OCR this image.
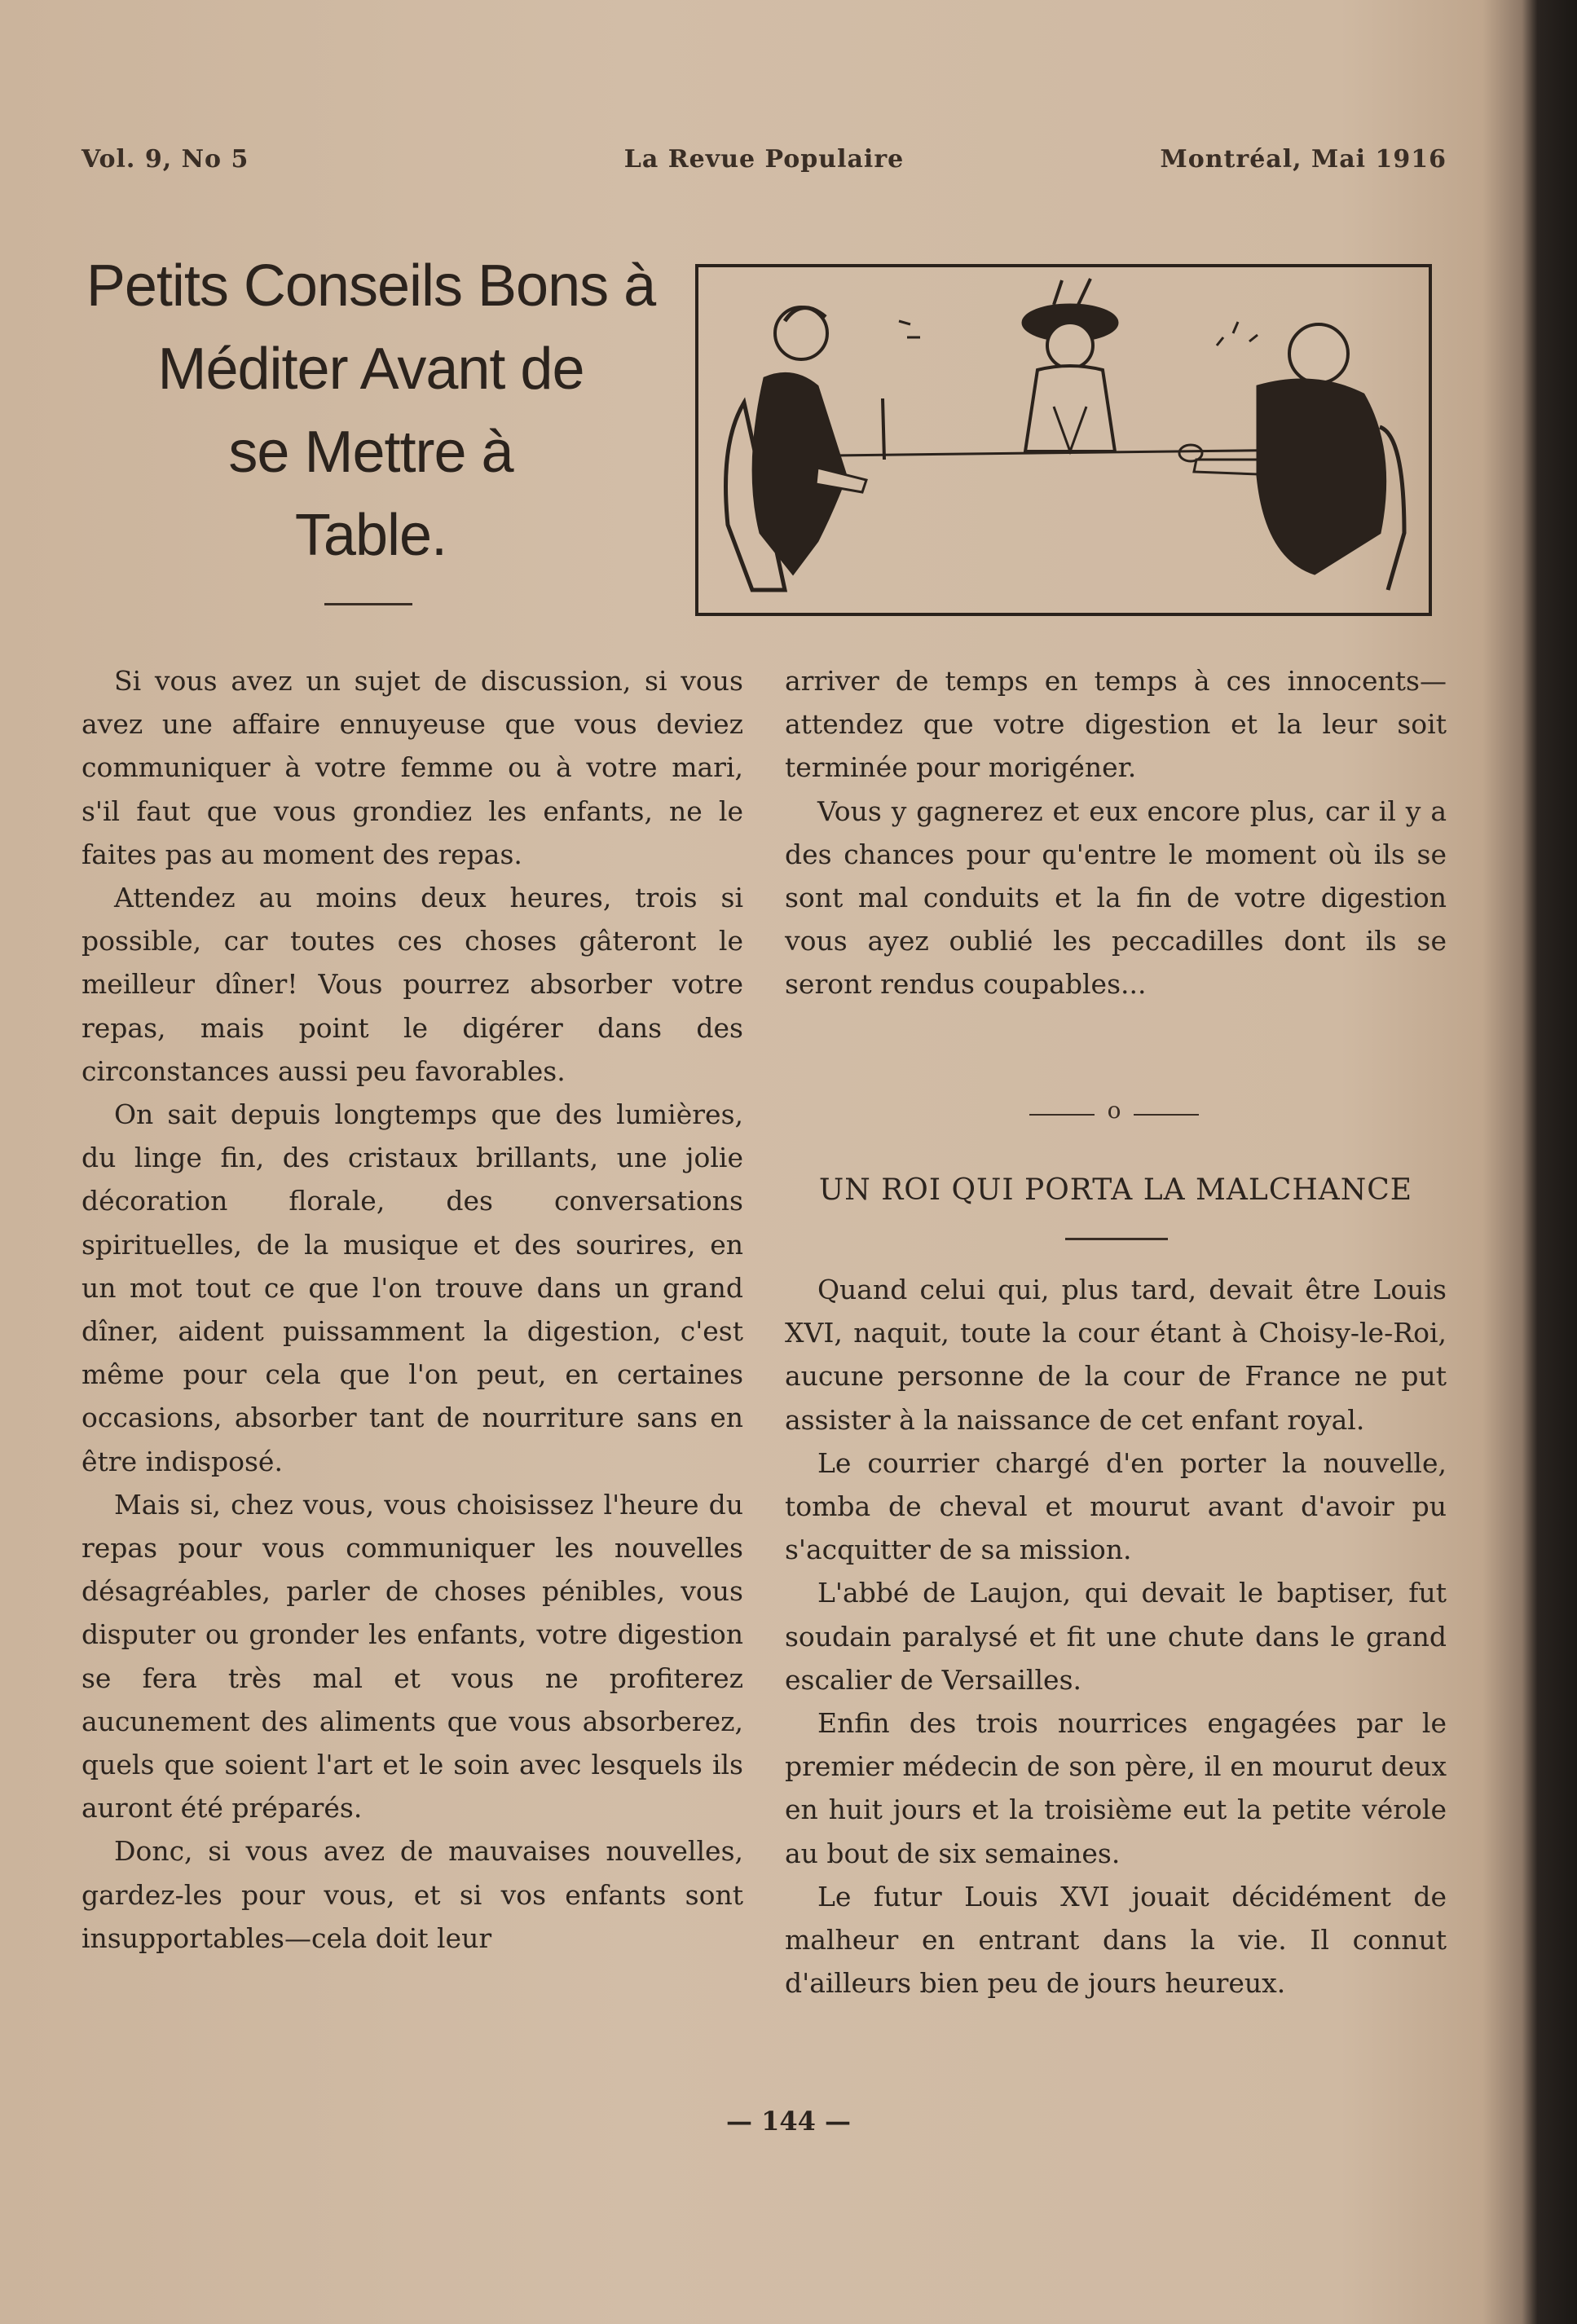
Vol. 9, No 5	La Revue Populaire	Montréal, Mai 1916
Petits Conseils Bons à
Méditer Avant de
se Mettre à
Table.

Si vous avez un sujet de discussion, si vous avez une affaire ennuyeuse que vous deviez communiquer à votre femme ou à votre mari, s'il faut que vous grondiez les enfants, ne le faites pas au moment des repas.

Attendez au moins deux heures, trois si possible, car toutes ces choses gâteront le meilleur dîner! Vous pourrez absorber votre repas, mais point le digérer dans des circonstances aussi peu favorables.

On sait depuis longtemps que des lumières, du linge fin, des cristaux brillants, une jolie décoration florale, des conversations spirituelles, de la musique et des sourires, en un mot tout ce que l'on trouve dans un grand dîner, aident puissamment la digestion, c'est même pour cela que l'on peut, en certaines occasions, absorber tant de nourriture sans en être indisposé.

Mais si, chez vous, vous choisissez l'heure du repas pour vous communiquer les nouvelles désagréables, parler de choses pénibles, vous disputer ou gronder les enfants, votre digestion se fera très mal et vous ne profiterez aucunement des aliments que vous absorberez, quels que soient l'art et le soin avec lesquels ils auront été préparés.

Donc, si vous avez de mauvaises nouvelles, gardez-les pour vous, et si vos enfants sont insupportables—cela doit leur

arriver de temps en temps à ces innocents—attendez que votre digestion et la leur soit terminée pour morigéner.

Vous y gagnerez et eux encore plus, car il y a des chances pour qu'entre le moment où ils se sont mal conduits et la fin de votre digestion vous ayez oublié les peccadilles dont ils se seront rendus coupables...

o
UN ROI QUI PORTA LA MALCHANCE

Quand celui qui, plus tard, devait être Louis XVI, naquit, toute la cour étant à Choisy-le-Roi, aucune personne de la cour de France ne put assister à la naissance de cet enfant royal.

Le courrier chargé d'en porter la nouvelle, tomba de cheval et mourut avant d'avoir pu s'acquitter de sa mission.

L'abbé de Laujon, qui devait le baptiser, fut soudain paralysé et fit une chute dans le grand escalier de Versailles.

Enfin des trois nourrices engagées par le premier médecin de son père, il en mourut deux en huit jours et la troisième eut la petite vérole au bout de six semaines.

Le futur Louis XVI jouait décidément de malheur en entrant dans la vie. Il connut d'ailleurs bien peu de jours heureux.

— 144 —
